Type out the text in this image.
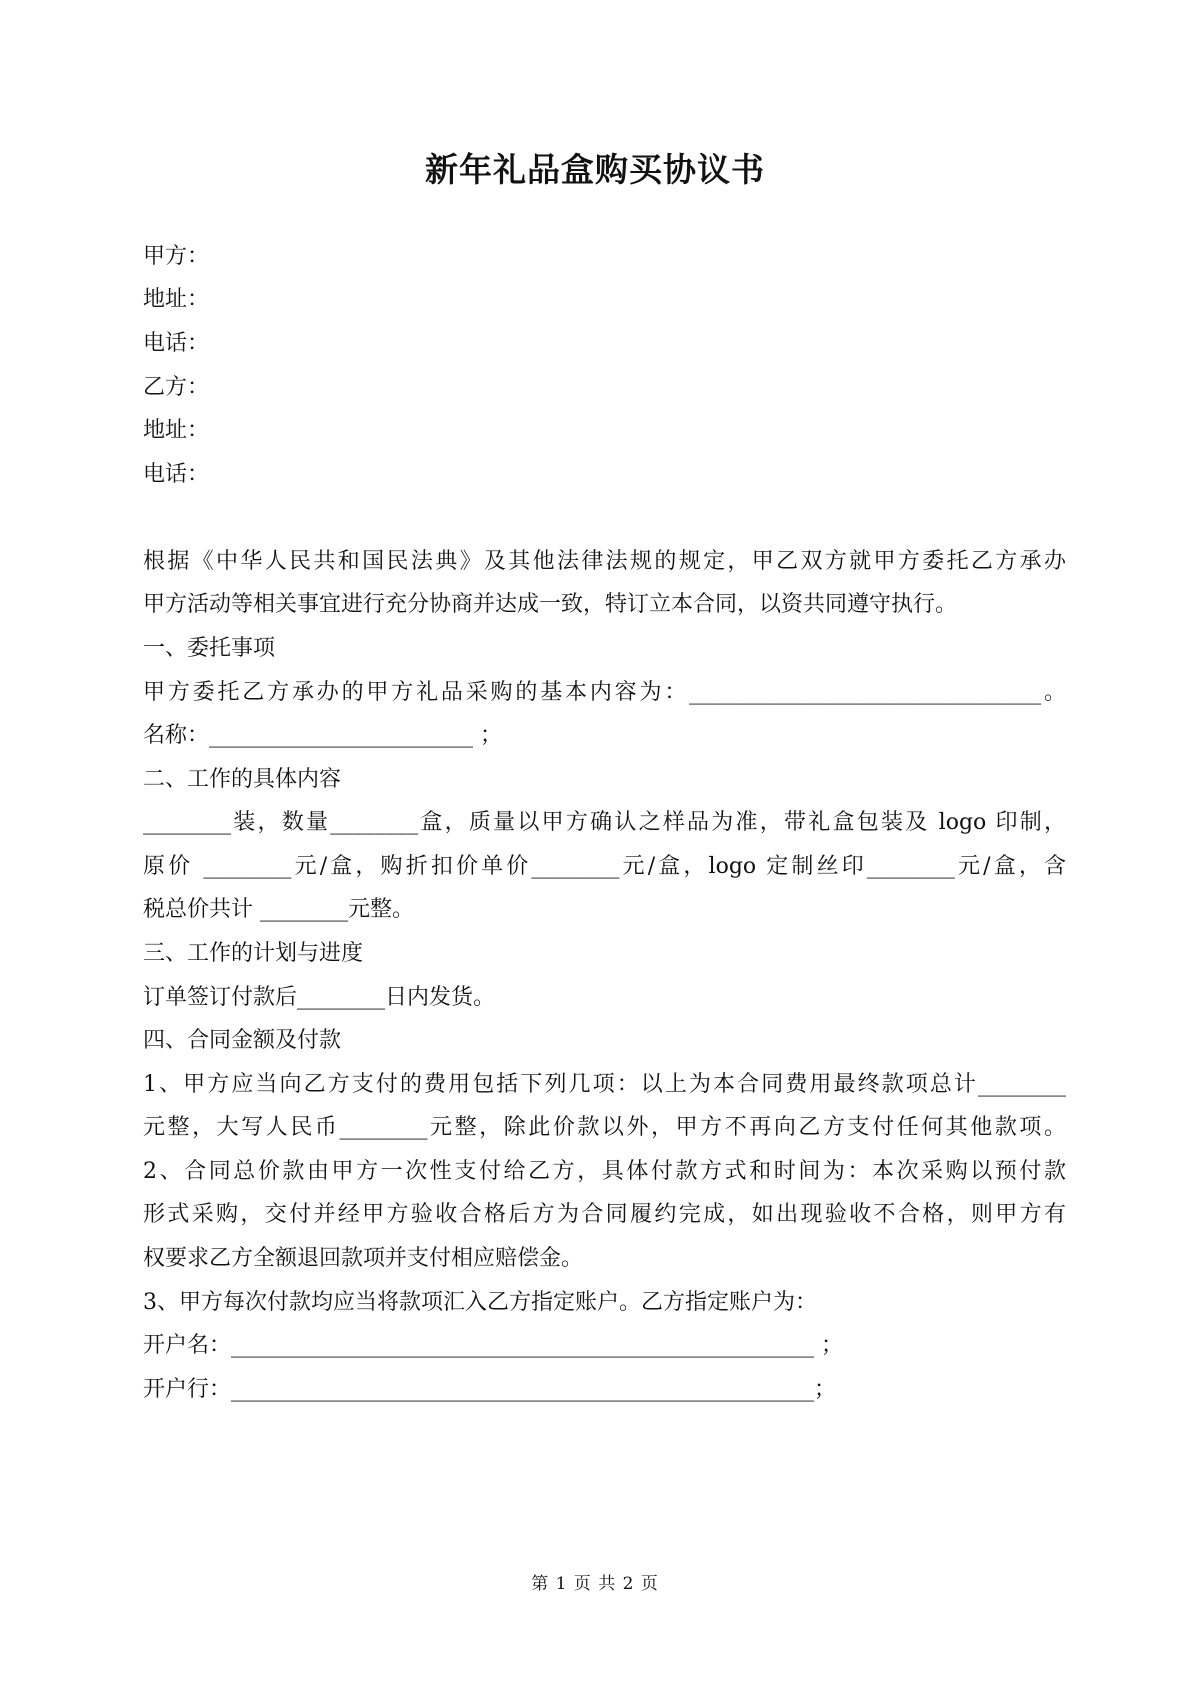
新年礼品盒购买协议书

甲方：

地址：

电话：

乙方：

地址：

电话：

根据《中华人民共和国民法典》及其他法律法规的规定，甲乙双方就甲方委托乙方承办

甲方活动等相关事宜进行充分协商并达成一致，特订立本合同，以资共同遵守执行。

一、委托事项

甲方委托乙方承办的甲方礼品采购的基本内容为：________________________________。

名称：________________________ ；

二、工作的具体内容

________装，数量________盒，质量以甲方确认之样品为准，带礼盒包装及 logo 印制，

原价 ________元/盒，购折扣价单价________元/盒，logo 定制丝印________元/盒，含

税总价共计 ________元整。

三、工作的计划与进度

订单签订付款后________日内发货。

四、合同金额及付款

1、甲方应当向乙方支付的费用包括下列几项：以上为本合同费用最终款项总计________

元整，大写人民币________元整，除此价款以外，甲方不再向乙方支付任何其他款项。

2、合同总价款由甲方一次性支付给乙方，具体付款方式和时间为：本次采购以预付款

形式采购，交付并经甲方验收合格后方为合同履约完成，如出现验收不合格，则甲方有

权要求乙方全额退回款项并支付相应赔偿金。

3、甲方每次付款均应当将款项汇入乙方指定账户。乙方指定账户为：

开户名：_____________________________________________________ ；

开户行：_____________________________________________________；

第 1 页 共 2 页
